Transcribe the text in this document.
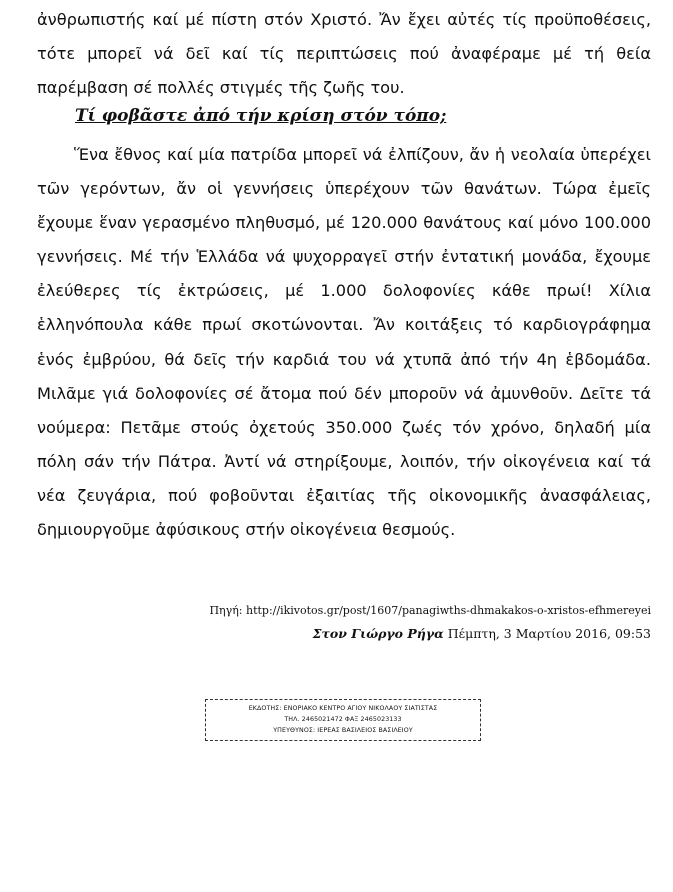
ἀνθρωπιστής καί μέ πίστη στόν Χριστό. Ἄν ἔχει αὐτές τίς προϋποθέσεις, τότε μπορεῖ νά δεῖ καί τίς περιπτώσεις πού ἀναφέραμε μέ τή θεία παρέμβαση σέ πολλές στιγμές τῆς ζωῆς του.

Τί φοβᾶστε ἀπό τήν κρίση στόν τόπο;

Ἕνα ἔθνος καί μία πατρίδα μπορεῖ νά ἐλπίζουν, ἄν ἡ νεολαία ὑπερέχει τῶν γερόντων, ἄν οἱ γεννήσεις ὑπερέχουν τῶν θανάτων. Τώρα ἐμεῖς ἔχουμε ἕναν γερασμένο πληθυσμό, μέ 120.000 θανάτους καί μόνο 100.000 γεννήσεις. Μέ τήν Ἑλλάδα νά ψυχορραγεῖ στήν ἐντατική μονάδα, ἔχουμε ἐλεύθερες τίς ἐκτρώσεις, μέ 1.000 δολοφονίες κάθε πρωί! Χίλια ἑλληνόπουλα κάθε πρωί σκοτώνονται. Ἄν κοιτάξεις τό καρδιογράφημα ἑνός ἐμβρύου, θά δεῖς τήν καρδιά του νά χτυπᾶ ἀπό τήν 4η ἑβδομάδα. Μιλᾶμε γιά δολοφονίες σέ ἄτομα πού δέν μποροῦν νά ἀμυνθοῦν. Δεῖτε τά νούμερα: Πετᾶμε στούς ὀχετούς 350.000 ζωές τόν χρόνο, δηλαδή μία πόλη σάν τήν Πάτρα. Ἀντί νά στηρίξουμε, λοιπόν, τήν οἰκογένεια καί τά νέα ζευγάρια, πού φοβοῦνται ἐξαιτίας τῆς οἰκονομικῆς ἀνασφάλειας, δημιουργοῦμε ἀφύσικους στήν οἰκογένεια θεσμούς.

Πηγή: http://ikivotos.gr/post/1607/panagiwths-dhmakakos-o-xristos-efhmereyei
Στον Γιώργο Ρήγα Πέμπτη, 3 Μαρτίου 2016, 09:53
ΕΚΔΟΤΗΣ: ΕΝΟΡΙΑΚΟ ΚΕΝΤΡΟ ΑΓΙΟΥ ΝΙΚΟΛΑΟΥ ΣΙΑΤΙΣΤΑΣ
ΤΗΛ. 2465021472 ΦΑΞ 2465023133
ΥΠΕΥΘΥΝΟΣ: ΙΕΡΕΑΣ ΒΑΣΙΛΕΙΟΣ ΒΑΣΙΛΕΙΟΥ
